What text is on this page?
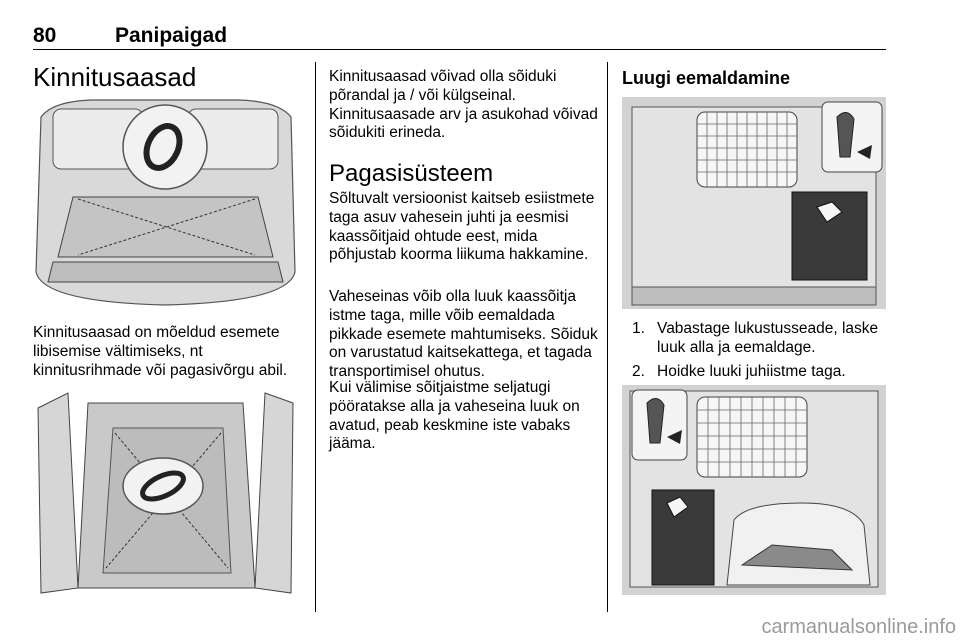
80	Panipaigad
Kinnitusaasad
Kinnitusaasad on mõeldud esemete libisemise vältimiseks, nt kinnitusrihmade või pagasivõrgu abil.
Kinnitusaasad võivad olla sõiduki põrandal ja / või külgseinal. Kinnitusaasade arv ja asukohad võivad sõidukiti erineda.
Pagasisüsteem
Sõltuvalt versioonist kaitseb esiistmete taga asuv vahesein juhti ja eesmisi kaassõitjaid ohtude eest, mida põhjustab koorma liikuma hakkamine.
Vaheseinas võib olla luuk kaassõitja istme taga, mille võib eemaldada pikkade esemete mahtumiseks. Sõiduk on varustatud kaitsekattega, et tagada transportimisel ohutus.
Kui välimise sõitjaistme seljatugi pööratakse alla ja vaheseina luuk on avatud, peab keskmine iste vabaks jääma.
Luugi eemaldamine
1. Vabastage lukustusseade, laske luuk alla ja eemaldage.
2. Hoidke luuki juhiistme taga.
carmanualsonline.info
